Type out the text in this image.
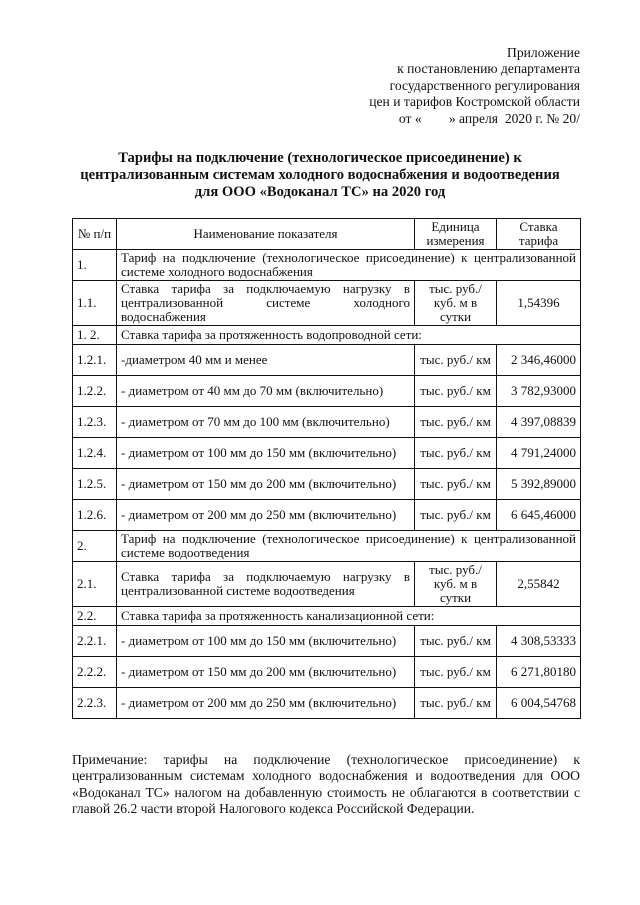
Приложение
к постановлению департамента
государственного регулирования
цен и тарифов Костромской области
от «        » апреля  2020 г. № 20/
Тарифы на подключение (технологическое присоединение) к
централизованным системам холодного водоснабжения и водоотведения
для ООО «Водоканал ТС» на 2020 год
№ п/п	Наименование показателя	Единица измерения	Ставка тарифа
1.	Тариф на подключение (технологическое присоединение) к централизованной системе холодного водоснабжения		
1.1.	Ставка тарифа за подключаемую нагрузку в централизованной системе холодного водоснабжения	тыс. руб./ куб. м в сутки	1,54396
1. 2.	Ставка тарифа за протяженность водопроводной сети:		
1.2.1.	-диаметром 40 мм и менее	тыс. руб./ км	2 346,46000
1.2.2.	- диаметром от 40 мм до 70 мм (включительно)	тыс. руб./ км	3 782,93000
1.2.3.	- диаметром от 70 мм до 100 мм (включительно)	тыс. руб./ км	4 397,08839
1.2.4.	- диаметром от 100 мм до 150 мм (включительно)	тыс. руб./ км	4 791,24000
1.2.5.	- диаметром от 150 мм до 200 мм (включительно)	тыс. руб./ км	5 392,89000
1.2.6.	- диаметром от 200 мм до 250 мм (включительно)	тыс. руб./ км	6 645,46000
2.	Тариф на подключение (технологическое присоединение) к централизованной системе водоотведения		
2.1.	Ставка тарифа за подключаемую нагрузку в централизованной системе водоотведения	тыс. руб./ куб. м в сутки	2,55842
2.2.	Ставка тарифа за протяженность канализационной сети:		
2.2.1.	- диаметром от 100 мм до 150 мм (включительно)	тыс. руб./ км	4 308,53333
2.2.2.	- диаметром от 150 мм до 200 мм (включительно)	тыс. руб./ км	6 271,80180
2.2.3.	- диаметром от 200 мм до 250 мм (включительно)	тыс. руб./ км	6 004,54768
Примечание: тарифы на подключение (технологическое присоединение) к централизованным системам холодного водоснабжения и водоотведения для ООО «Водоканал ТС» налогом на добавленную стоимость не облагаются в соответствии с главой 26.2 части второй Налогового кодекса Российской Федерации.
